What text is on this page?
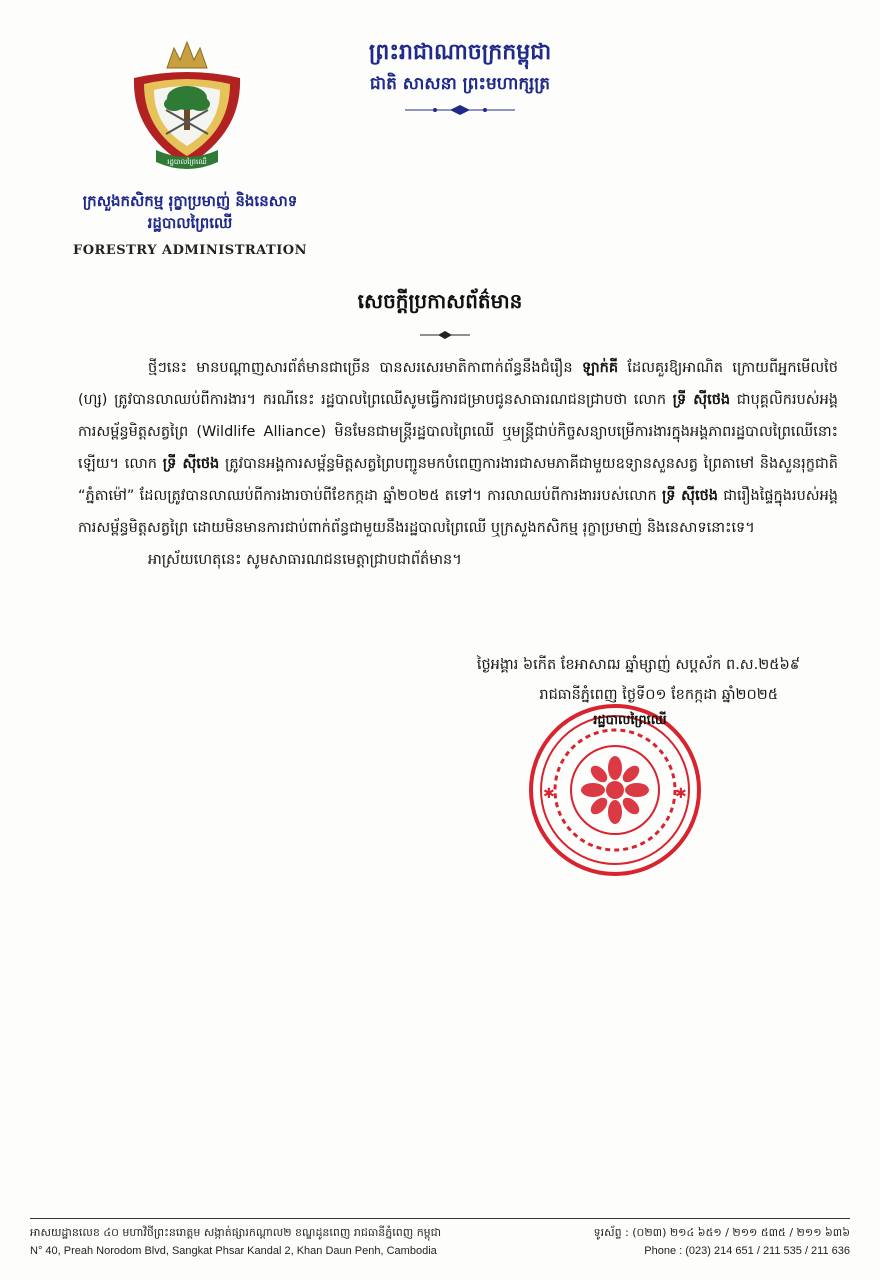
រដ្ឋបាលព្រៃឈើ
ក្រសួងកសិកម្ម រុក្ខាប្រមាញ់ និងនេសាទ
រដ្ឋបាលព្រៃឈើ
FORESTRY ADMINISTRATION
ព្រះរាជាណាចក្រកម្ពុជា
ជាតិ សាសនា ព្រះមហាក្សត្រ
សេចក្តីប្រកាសព័ត៌មាន

ថ្មីៗនេះ មានបណ្តាញសារព័ត៌មានជាច្រើន បានសរសេរមាតិកាពាក់ព័ន្ធនឹងជំរឿន ឡាក់គី ដែលគួរឱ្យអាណិត ក្រោយពីអ្នកមើលថៃ (ហ្ស) ត្រូវបានលាឈប់ពីការងារ។ ករណីនេះ រដ្ឋបាលព្រៃឈើសូមធ្វើការជម្រាបជូនសាធារណជនជ្រាបថា លោក ទ្រី ស៊ីថេង ជាបុគ្គលិករបស់អង្គការសម្ព័ន្ធមិត្តសត្វព្រៃ (Wildlife Alliance) មិនមែនជាមន្ត្រីរដ្ឋបាលព្រៃឈើ ឬមន្ត្រីជាប់កិច្ចសន្យាបម្រើការងារក្នុងអង្គភាពរដ្ឋបាលព្រៃឈើនោះឡើយ។ លោក ទ្រី ស៊ីថេង ត្រូវបានអង្គការសម្ព័ន្ធមិត្តសត្វព្រៃបញ្ជូនមកបំពេញការងារជាសមភាគីជាមួយឧទ្យានសួនសត្វ ព្រៃតាមៅ និងសួនរុក្ខជាតិ “ភ្នំតាម៉ៅ” ដែលត្រូវបានលាឈប់ពីការងារចាប់ពីខែកក្កដា ឆ្នាំ២០២៥ តទៅ។ ការលាឈប់ពីការងាររបស់លោក ទ្រី ស៊ីថេង ជារឿងផ្ទៃក្នុងរបស់អង្គការសម្ព័ន្ធមិត្តសត្វព្រៃ ដោយមិនមានការជាប់ពាក់ព័ន្ធជាមួយនឹងរដ្ឋបាលព្រៃឈើ ឬក្រសួងកសិកម្ម រុក្ខាប្រមាញ់ និងនេសាទនោះទេ។

អាស្រ័យហេតុនេះ សូមសាធារណជនមេត្តាជ្រាបជាព័ត៌មាន។

ថ្ងៃអង្គារ ៦កើត ខែអាសាឍ ឆ្នាំម្សាញ់ សប្តស័ក ព.ស.២៥៦៩
រាជធានីភ្នំពេញ ថ្ងៃទី០១ ខែកក្កដា ឆ្នាំ២០២៥
✱	✱
រដ្ឋបាលព្រៃឈើ
អាសយដ្ឋានលេខ ៤០ មហាវិថីព្រះនរោត្តម សង្កាត់ផ្សារកណ្តាល២ ខណ្ឌដូនពេញ រាជធានីភ្នំពេញ កម្ពុជា
N° 40, Preah Norodom Blvd, Sangkat Phsar Kandal 2, Khan Daun Penh, Cambodia
ទូរស័ព្ទ : (០២៣) ២១៤ ៦៥១ / ២១១ ៥៣៥ / ២១១ ៦៣៦
Phone : (023) 214 651 / 211 535 / 211 636
